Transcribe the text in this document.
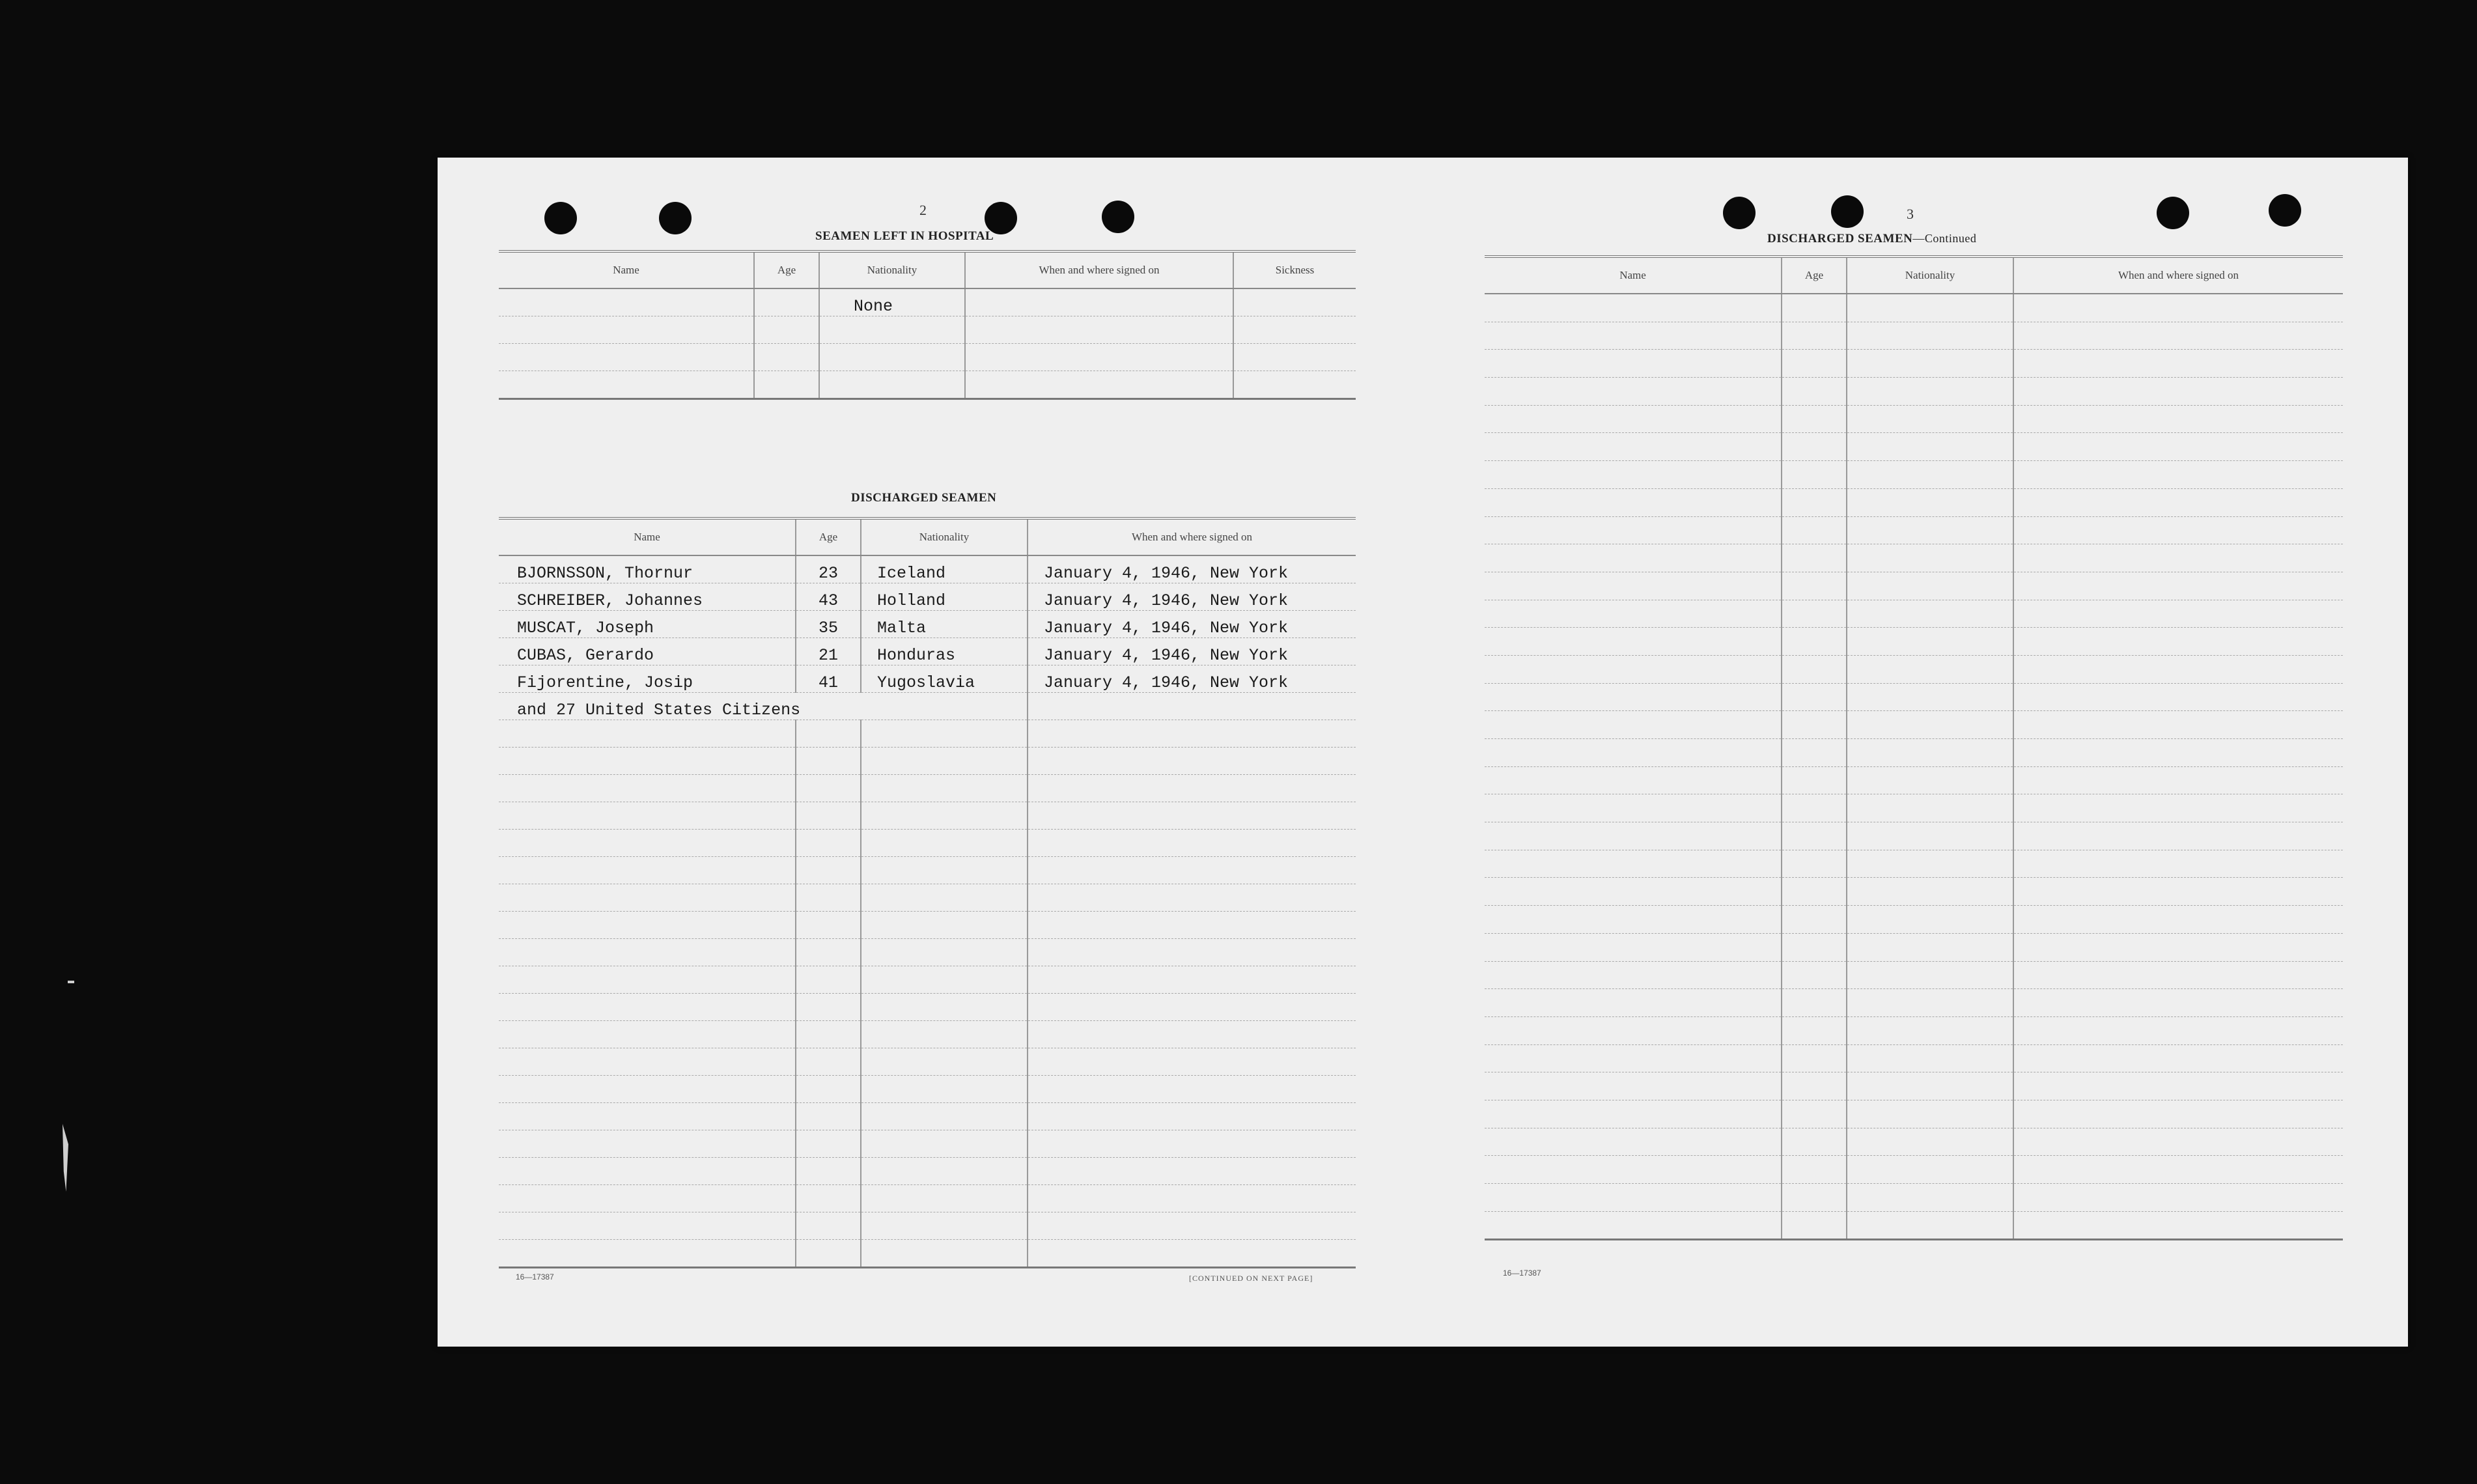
2
SEAMEN LEFT IN HOSPITAL
Name	Age	Nationality	When and where signed on	Sickness
		None		

DISCHARGED SEAMEN
Name	Age	Nationality	When and where signed on
BJORNSSON, Thornur	23	Iceland	January 4, 1946, New York
SCHREIBER, Johannes	43	Holland	January 4, 1946, New York
MUSCAT, Joseph	35	Malta	January 4, 1946, New York
CUBAS, Gerardo	21	Honduras	January 4, 1946, New York
Fijorentine, Josip	41	Yugoslavia	January 4, 1946, New York
and 27 United States Citizens			

16—17387	[CONTINUED ON NEXT PAGE]
3
DISCHARGED SEAMEN—Continued
Name	Age	Nationality	When and where signed on

16—17387
